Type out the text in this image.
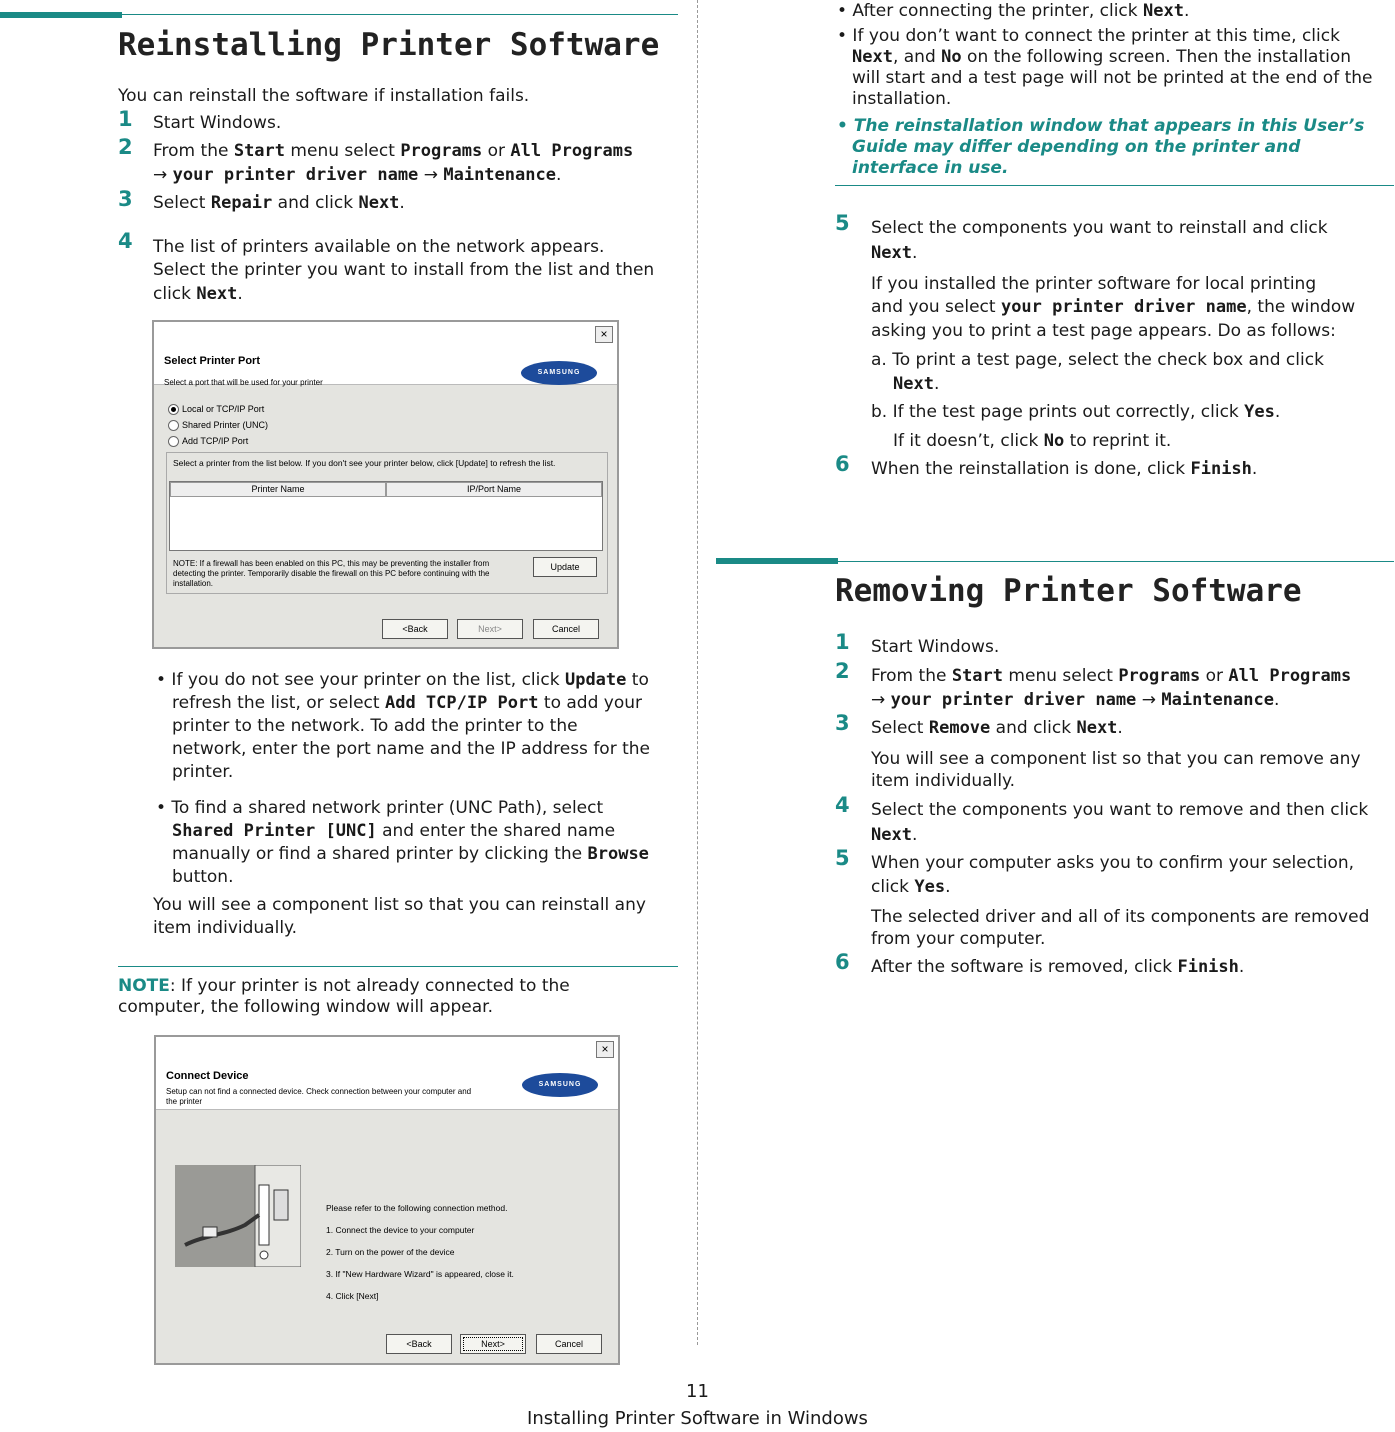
Reinstalling Printer Software
You can reinstall the software if installation fails.
1 Start Windows.
2 From the Start menu select Programs or All Programs
→ your printer driver name → Maintenance.
3 Select Repair and click Next.
4 The list of printers available on the network appears.
Select the printer you want to install from the list and then
click Next.
×
Select Printer Port
Select a port that will be used for your printer
SAMSUNG
Local or TCP/IP Port
Shared Printer (UNC)
Add TCP/IP Port
Select a printer from the list below. If you don't see your printer below, click [Update] to refresh the list.
Printer Name	IP/Port Name
NOTE: If a firewall has been enabled on this PC, this may be preventing the installer from
detecting the printer. Temporarily disable the firewall on this PC before continuing with the
installation.
Update
<Back	Next>	Cancel
• If you do not see your printer on the list, click Update to
refresh the list, or select Add TCP/IP Port to add your
printer to the network. To add the printer to the
network, enter the port name and the IP address for the
printer.
• To find a shared network printer (UNC Path), select
Shared Printer [UNC] and enter the shared name
manually or find a shared printer by clicking the Browse
button.
You will see a component list so that you can reinstall any
item individually.
NOTE: If your printer is not already connected to the
computer, the following window will appear.
×
Connect Device
Setup can not find a connected device. Check connection between your computer and
the printer
SAMSUNG
Please refer to the following connection method.
1. Connect the device to your computer
2. Turn on the power of the device
3. If "New Hardware Wizard" is appeared, close it.
4. Click [Next]
<Back	Next>	Cancel
• After connecting the printer, click Next.
• If you don’t want to connect the printer at this time, click
Next, and No on the following screen. Then the installation
will start and a test page will not be printed at the end of the
installation.
• The reinstallation window that appears in this User’s
Guide may differ depending on the printer and
interface in use.
5 Select the components you want to reinstall and click
Next.
If you installed the printer software for local printing
and you select your printer driver name, the window
asking you to print a test page appears. Do as follows:
a. To print a test page, select the check box and click
Next.
b. If the test page prints out correctly, click Yes.
If it doesn’t, click No to reprint it.
6 When the reinstallation is done, click Finish.
Removing Printer Software
1 Start Windows.
2 From the Start menu select Programs or All Programs
→ your printer driver name → Maintenance.
3 Select Remove and click Next.
You will see a component list so that you can remove any
item individually.
4 Select the components you want to remove and then click
Next.
5 When your computer asks you to confirm your selection,
click Yes.
The selected driver and all of its components are removed
from your computer.
6 After the software is removed, click Finish.
11
Installing Printer Software in Windows
